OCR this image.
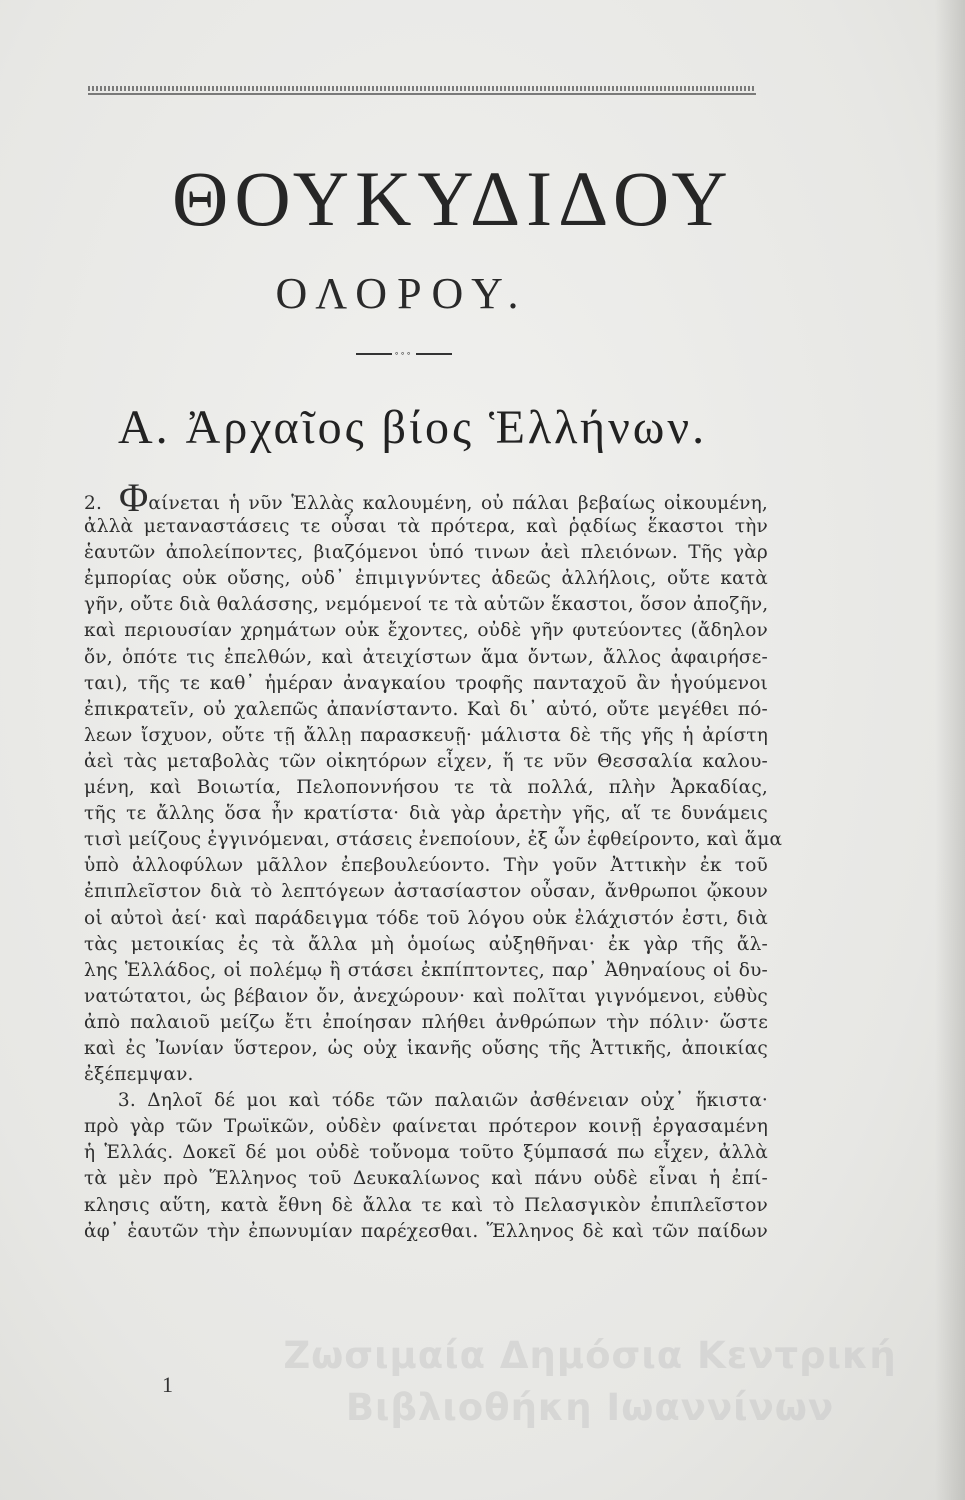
ΘΟΥΚΥΔΙΔΟΥ
ΟΛΟΡΟΥ.
∘∘∘
Α. Ἀρχαῖος βίος Ἑλλήνων.
2. Φαίνεται ἡ νῦν Ἑλλὰς καλουμένη, οὐ πάλαι βεβαίως οἰκουμένη,
ἀλλὰ μεταναστάσεις τε οὖσαι τὰ πρότερα, καὶ ῥᾳδίως ἕκαστοι τὴν
ἑαυτῶν ἀπολείποντες, βιαζόμενοι ὑπό τινων ἀεὶ πλειόνων. Τῆς γὰρ
ἐμπορίας οὐκ οὔσης, οὐδ᾽ ἐπιμιγνύντες ἀδεῶς ἀλλήλοις, οὔτε κατὰ
γῆν, οὔτε διὰ θαλάσσης, νεμόμενοί τε τὰ αὑτῶν ἕκαστοι, ὅσον ἀποζῆν,
καὶ περιουσίαν χρημάτων οὐκ ἔχοντες, οὐδὲ γῆν φυτεύοντες (ἄδηλον
ὄν, ὁπότε τις ἐπελθών, καὶ ἀτειχίστων ἅμα ὄντων, ἄλλος ἀφαιρήσε-
ται), τῆς τε καθ᾽ ἡμέραν ἀναγκαίου τροφῆς πανταχοῦ ἂν ἡγούμενοι
ἐπικρατεῖν, οὐ χαλεπῶς ἀπανίσταντο. Καὶ δι᾽ αὐτό, οὔτε μεγέθει πό-
λεων ἴσχυον, οὔτε τῇ ἄλλῃ παρασκευῇ· μάλιστα δὲ τῆς γῆς ἡ ἀρίστη
ἀεὶ τὰς μεταβολὰς τῶν οἰκητόρων εἶχεν, ἥ τε νῦν Θεσσαλία καλου-
μένη, καὶ Βοιωτία, Πελοποννήσου τε τὰ πολλά, πλὴν Ἀρκαδίας,
τῆς τε ἄλλης ὅσα ἦν κρατίστα· διὰ γὰρ ἀρετὴν γῆς, αἵ τε δυνάμεις
τισὶ μείζους ἐγγινόμεναι, στάσεις ἐνεποίουν, ἐξ ὧν ἐφθείροντο, καὶ ἅμα
ὑπὸ ἀλλοφύλων μᾶλλον ἐπεβουλεύοντο. Τὴν γοῦν Ἀττικὴν ἐκ τοῦ
ἐπιπλεῖστον διὰ τὸ λεπτόγεων ἀστασίαστον οὖσαν, ἄνθρωποι ᾤκουν
οἱ αὐτοὶ ἀεί· καὶ παράδειγμα τόδε τοῦ λόγου οὐκ ἐλάχιστόν ἐστι, διὰ
τὰς μετοικίας ἐς τὰ ἄλλα μὴ ὁμοίως αὐξηθῆναι· ἐκ γὰρ τῆς ἄλ-
λης Ἑλλάδος, οἱ πολέμῳ ἢ στάσει ἐκπίπτοντες, παρ᾽ Ἀθηναίους οἱ δυ-
νατώτατοι, ὡς βέβαιον ὄν, ἀνεχώρουν· καὶ πολῖται γιγνόμενοι, εὐθὺς
ἀπὸ παλαιοῦ μείζω ἔτι ἐποίησαν πλήθει ἀνθρώπων τὴν πόλιν· ὥστε
καὶ ἐς Ἰωνίαν ὕστερον, ὡς οὐχ ἱκανῆς οὔσης τῆς Ἀττικῆς, ἀποικίας
ἐξέπεμψαν.
3. Δηλοῖ δέ μοι καὶ τόδε τῶν παλαιῶν ἀσθένειαν οὐχ᾽ ἥκιστα·
πρὸ γὰρ τῶν Τρωϊκῶν, οὐδὲν φαίνεται πρότερον κοινῇ ἐργασαμένη
ἡ Ἑλλάς. Δοκεῖ δέ μοι οὐδὲ τοὔνομα τοῦτο ξύμπασά πω εἶχεν, ἀλλὰ
τὰ μὲν πρὸ Ἕλληνος τοῦ Δευκαλίωνος καὶ πάνυ οὐδὲ εἶναι ἡ ἐπί-
κλησις αὕτη, κατὰ ἔθνη δὲ ἄλλα τε καὶ τὸ Πελασγικὸν ἐπιπλεῖστον
ἀφ᾽ ἑαυτῶν τὴν ἐπωνυμίαν παρέχεσθαι. Ἕλληνος δὲ καὶ τῶν παίδων
Ζωσιμαία Δημόσια Κεντρική
Βιβλιοθήκη Ιωαννίνων
1
